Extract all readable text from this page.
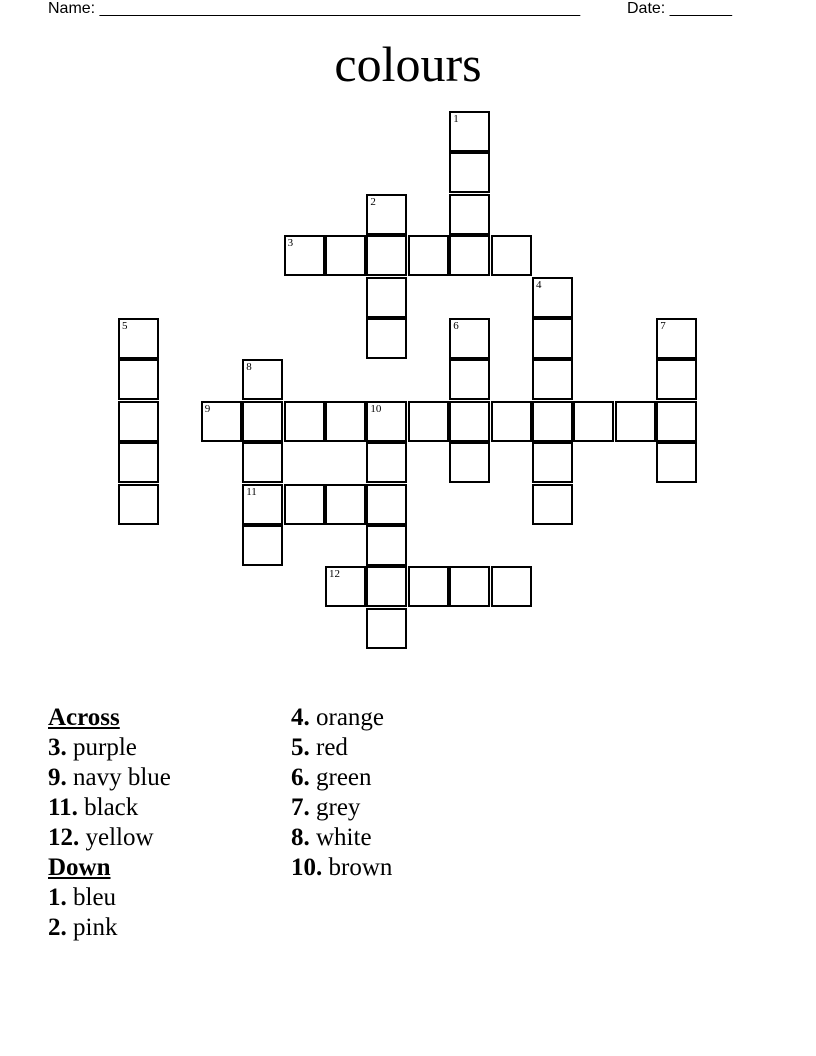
Name: ______________________________________________________	Date: _______
colours
1
2
3
4
5	6	7
8
11
9	10
12
Across
3. purple
9. navy blue
11. black
12. yellow
Down
1. bleu
2. pink
4. orange
5. red
6. green
7. grey
8. white
10. brown
